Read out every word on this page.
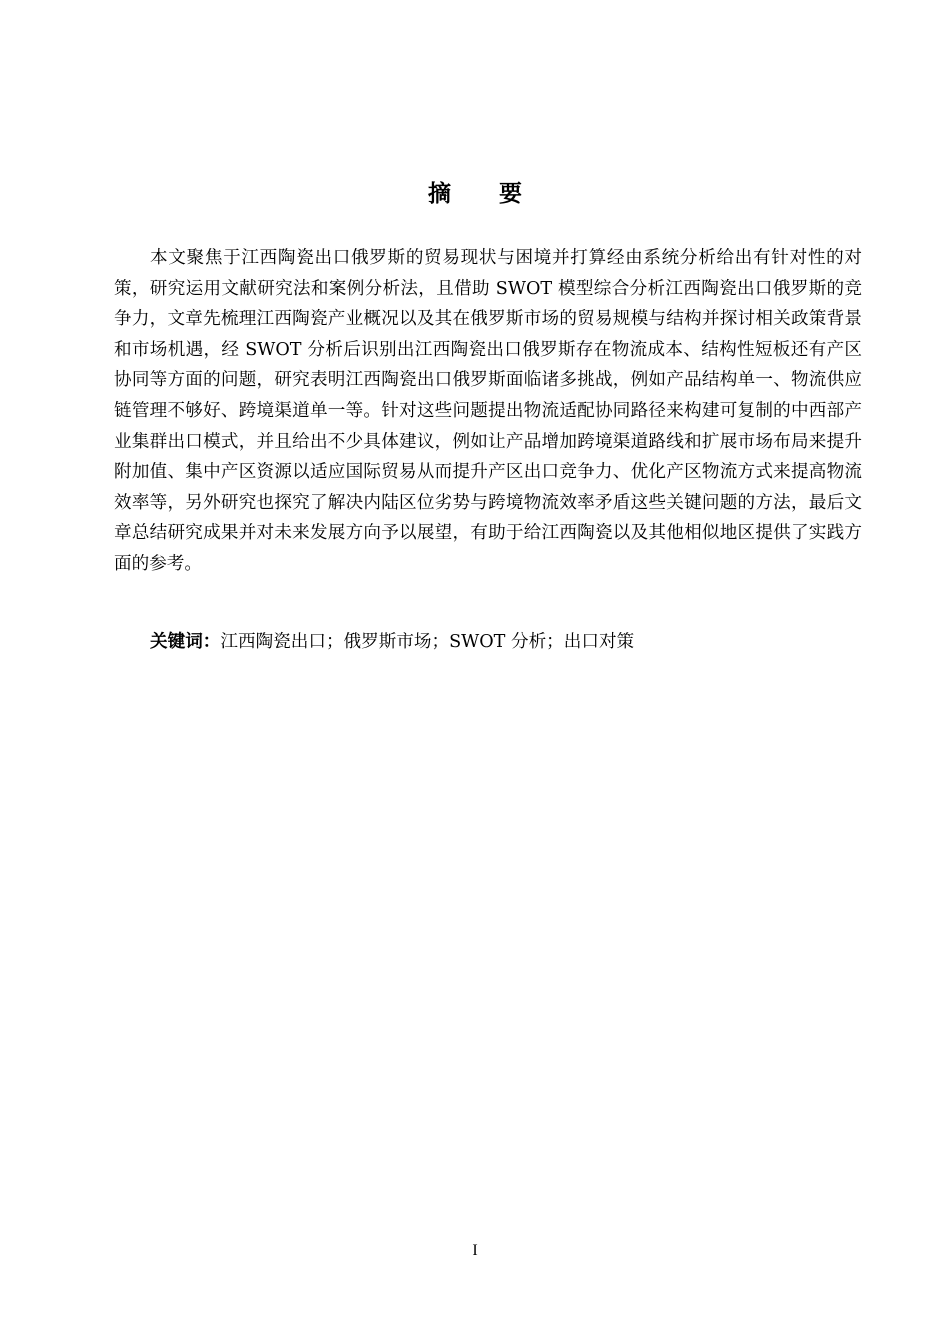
摘要

本文聚焦于江西陶瓷出口俄罗斯的贸易现状与困境并打算经由系统分析给出有针对性的对策，研究运用文献研究法和案例分析法，且借助 SWOT 模型综合分析江西陶瓷出口俄罗斯的竞争力，文章先梳理江西陶瓷产业概况以及其在俄罗斯市场的贸易规模与结构并探讨相关政策背景和市场机遇，经 SWOT 分析后识别出江西陶瓷出口俄罗斯存在物流成本、结构性短板还有产区协同等方面的问题，研究表明江西陶瓷出口俄罗斯面临诸多挑战，例如产品结构单一、物流供应链管理不够好、跨境渠道单一等。针对这些问题提出物流适配协同路径来构建可复制的中西部产业集群出口模式，并且给出不少具体建议，例如让产品增加跨境渠道路线和扩展市场布局来提升附加值、集中产区资源以适应国际贸易从而提升产区出口竞争力、优化产区物流方式来提高物流效率等，另外研究也探究了解决内陆区位劣势与跨境物流效率矛盾这些关键问题的方法，最后文章总结研究成果并对未来发展方向予以展望，有助于给江西陶瓷以及其他相似地区提供了实践方面的参考。

关键词：江西陶瓷出口；俄罗斯市场；SWOT 分析；出口对策

I
